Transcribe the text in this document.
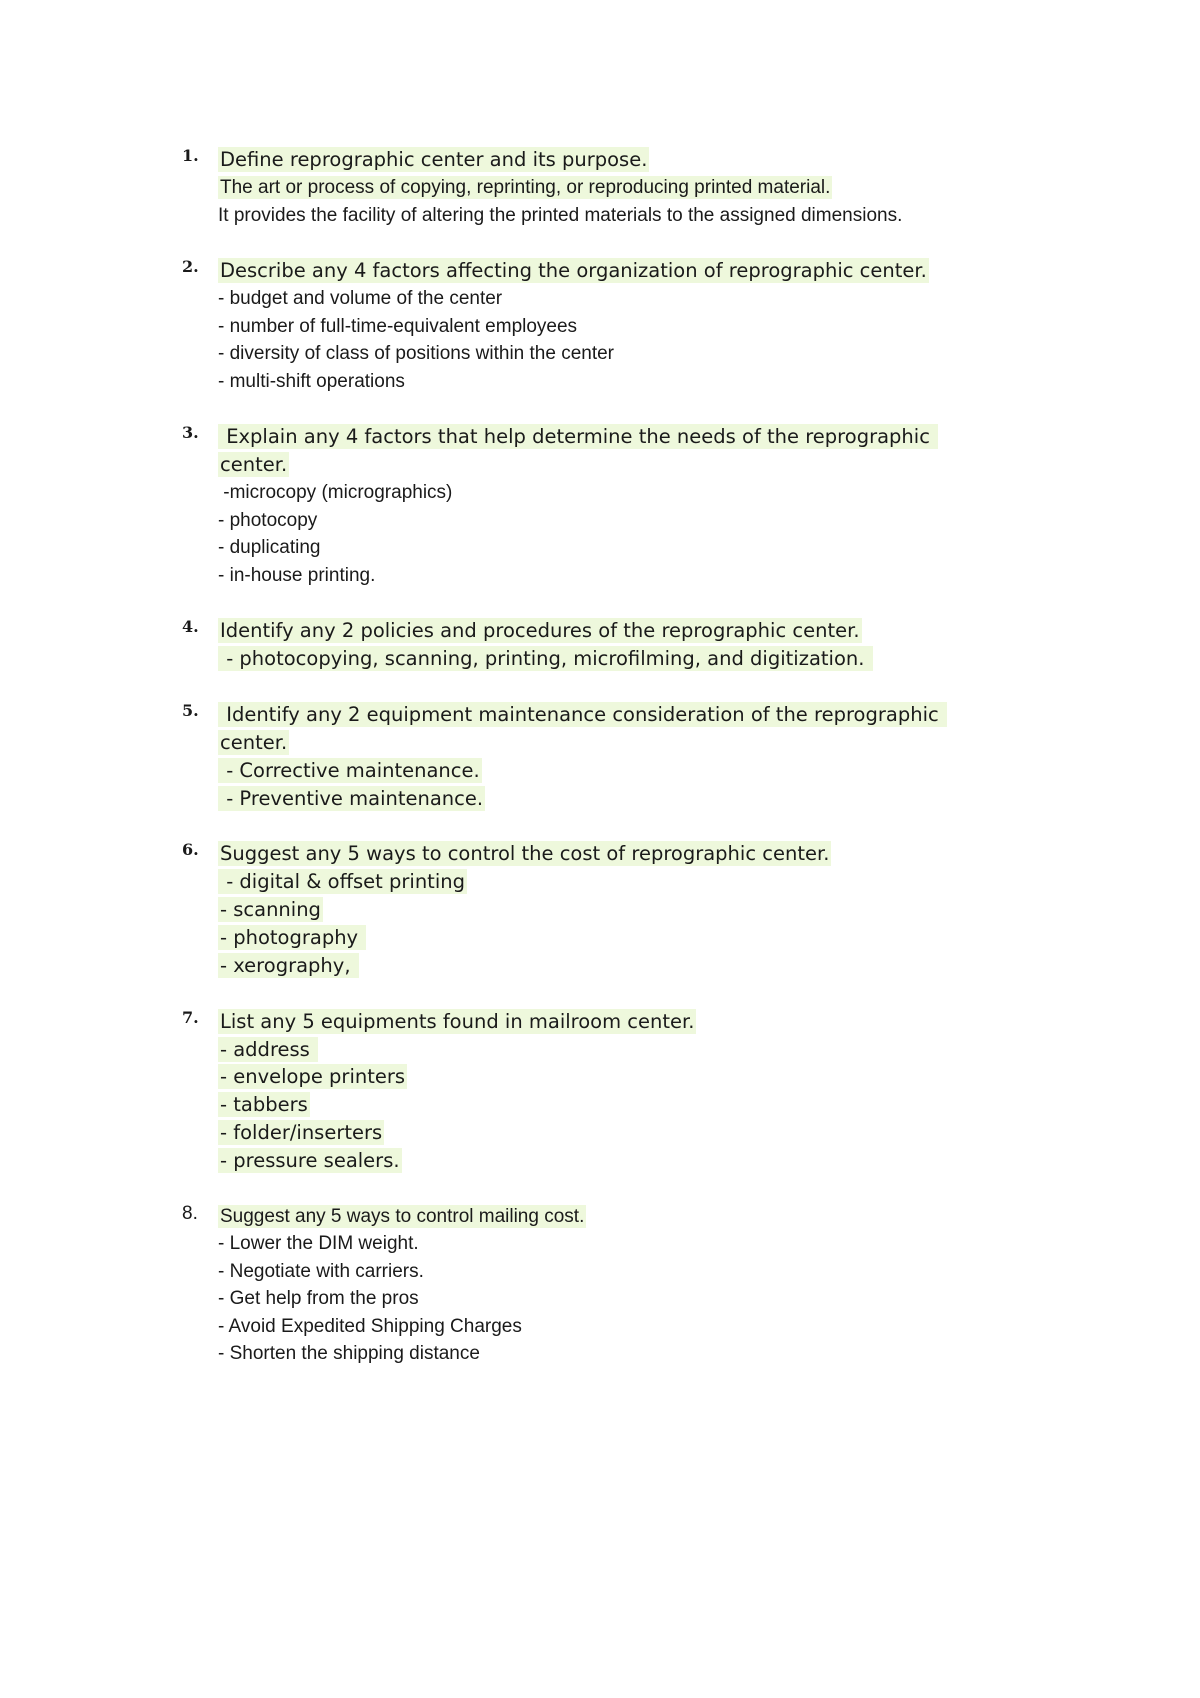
1.	Define reprographic center and its purpose.
The art or process of copying, reprinting, or reproducing printed material.
It provides the facility of altering the printed materials to the assigned dimensions.
2.	Describe any 4 factors affecting the organization of reprographic center.
- budget and volume of the center
- number of full-time-equivalent employees
- diversity of class of positions within the center
- multi-shift operations
3.	Explain any 4 factors that help determine the needs of the reprographic
center.
-microcopy (micrographics)
- photocopy
- duplicating
- in-house printing.
4.	Identify any 2 policies and procedures of the reprographic center.
- photocopying, scanning, printing, microfilming, and digitization.
5.	Identify any 2 equipment maintenance consideration of the reprographic
center.
- Corrective maintenance.
- Preventive maintenance.
6.	Suggest any 5 ways to control the cost of reprographic center.
- digital & offset printing
- scanning
- photography
- xerography,
7.	List any 5 equipments found in mailroom center.
- address
- envelope printers
- tabbers
- folder/inserters
- pressure sealers.
8.	Suggest any 5 ways to control mailing cost.
- Lower the DIM weight.
- Negotiate with carriers.
- Get help from the pros
- Avoid Expedited Shipping Charges
- Shorten the shipping distance
